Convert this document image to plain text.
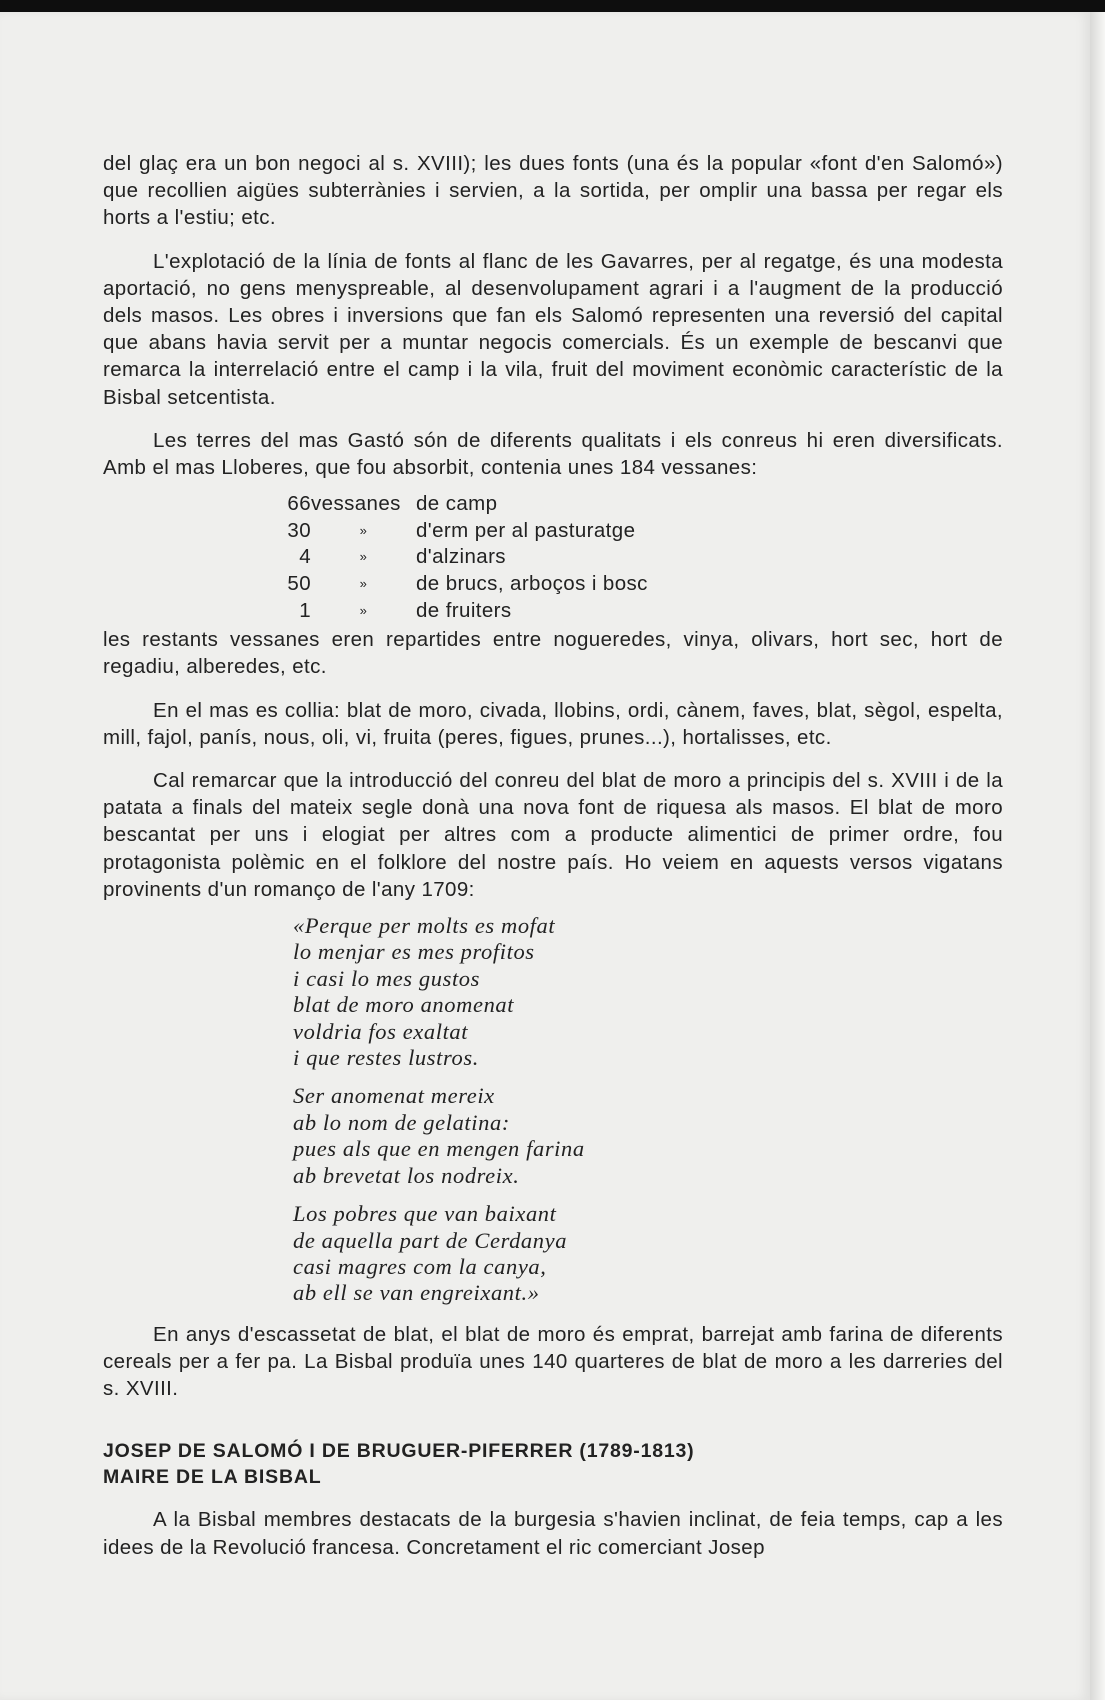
del glaç era un bon negoci al s. XVIII); les dues fonts (una és la popular «font d'en Salomó») que recollien aigües subterrànies i servien, a la sortida, per omplir una bassa per regar els horts a l'estiu; etc.

L'explotació de la línia de fonts al flanc de les Gavarres, per al regatge, és una modesta aportació, no gens menyspreable, al desenvolupament agrari i a l'augment de la producció dels masos. Les obres i inversions que fan els Salomó representen una reversió del capital que abans havia servit per a muntar negocis comercials. És un exemple de bescanvi que remarca la interrelació entre el camp i la vila, fruit del moviment econòmic característic de la Bisbal setcentista.

Les terres del mas Gastó són de diferents qualitats i els conreus hi eren diversificats. Amb el mas Lloberes, que fou absorbit, contenia unes 184 vessanes:

66	vessanes	de camp
30	»	d'erm per al pasturatge
4	»	d'alzinars
50	»	de brucs, arboços i bosc
1	»	de fruiters

les restants vessanes eren repartides entre nogueredes, vinya, olivars, hort sec, hort de regadiu, alberedes, etc.

En el mas es collia: blat de moro, civada, llobins, ordi, cànem, faves, blat, sègol, espelta, mill, fajol, panís, nous, oli, vi, fruita (peres, figues, prunes...), hortalisses, etc.

Cal remarcar que la introducció del conreu del blat de moro a principis del s. XVIII i de la patata a finals del mateix segle donà una nova font de riquesa als masos. El blat de moro bescantat per uns i elogiat per altres com a producte alimentici de primer ordre, fou protagonista polèmic en el folklore del nostre país. Ho veiem en aquests versos vigatans provinents d'un romanço de l'any 1709:

«Perque per molts es mofat
lo menjar es mes profitos
i casi lo mes gustos
blat de moro anomenat
voldria fos exaltat
i que restes lustros.
Ser anomenat mereix
ab lo nom de gelatina:
pues als que en mengen farina
ab brevetat los nodreix.
Los pobres que van baixant
de aquella part de Cerdanya
casi magres com la canya,
ab ell se van engreixant.»

En anys d'escassetat de blat, el blat de moro és emprat, barrejat amb farina de diferents cereals per a fer pa. La Bisbal produïa unes 140 quarteres de blat de moro a les darreries del s. XVIII.

JOSEP DE SALOMÓ I DE BRUGUER-PIFERRER (1789-1813)
MAIRE DE LA BISBAL

A la Bisbal membres destacats de la burgesia s'havien inclinat, de feia temps, cap a les idees de la Revolució francesa. Concretament el ric comerciant Josep
